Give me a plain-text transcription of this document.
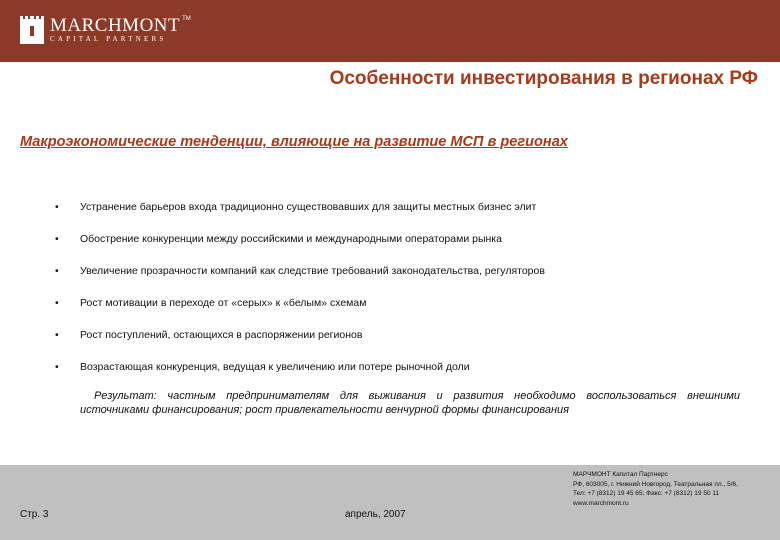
MARCHMONT TM
CAPITAL PARTNERS
Особенности инвестирования в регионах РФ
Макроэкономические тенденции, влияющие на развитие МСП в регионах
•	Устранение барьеров входа традиционно существовавших для защиты местных бизнес элит
•	Обострение конкуренции между российскими и международными операторами рынка
•	Увеличение прозрачности компаний как следствие требований законодательства, регуляторов
•	Рост мотивации в переходе от «серых» к «белым» схемам
•	Рост поступлений, остающихся в распоряжении регионов
•	Возрастающая конкуренция, ведущая к увеличению или потере рыночной доли
Результат: частным предпринимателям для выживания и развития необходимо воспользоваться внешними источниками финансирования; рост привлекательности венчурной формы финансирования
Стр. 3	апрель, 2007
МАРЧМОНТ Капитал Партнерс
РФ, 603005, г. Нижний Новгород, Театральная пл., 5/6,
Тел: +7 (8312) 19 45 65; Факс: +7 (8312) 19 50 11
www.marchmont.ru
